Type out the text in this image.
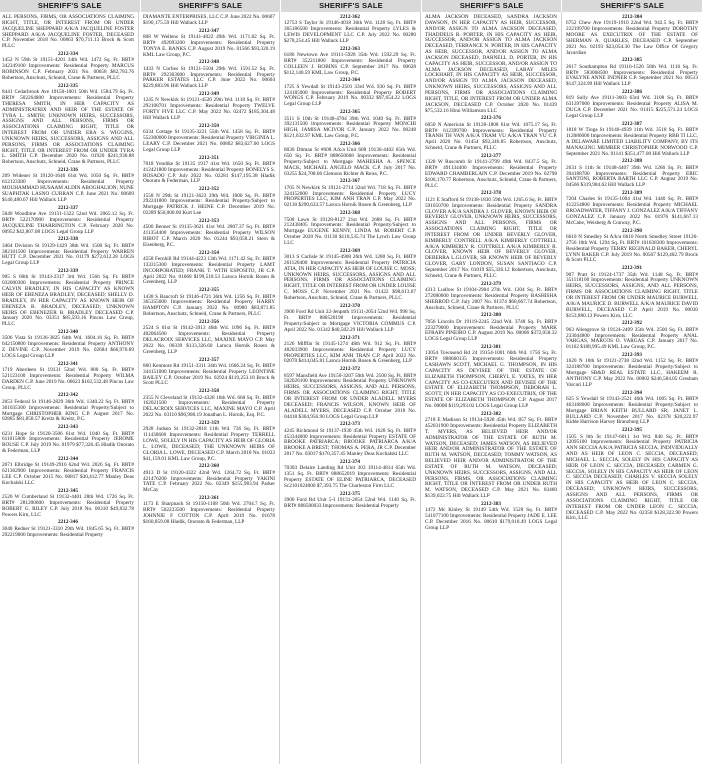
SHERIFF'S SALE	SHERIFF'S SALE	SHERIFF'S SALE	SHERIFF'S SALE	SHERIFF'S SALE
ALL PERSONS, FIRMS, OR ASSOCIATIONS CLAIMING RIGHT, TITLE, OR INTEREST FROM OR UNDER JACQUELINE SHEPPARD A/K/A JACQUELINE FOSTER SHEPPARD A/K/A JACQUELINE FOSTER, DECEASED C.P. November 2018 No. 00863 $70,711.13 Brock & Scott PLLC
2212-334
1452 N 59th St 19151-4201 34th Wd. 1472 Sq. Ft. BRT# 342349100 Improvements: Residential Property MARCUS ROBINSON C.P. February 2021 No. 00658 $82,783.76 Robertson, Anschutz, Schneid, Crane & Partners, PLLC
2212-335
8441 Cedarbrook Ave 19150-1001 50th Wd. 1584.79 Sq. Ft. BRT# 502264800 Improvements: Residential Property THERESA SMITH, IN HER CAPACITY AS ADMINISTRATRIX AND HEIR OF THE ESTATE OF TYRA L. SMITH; UNKNOWN HEIRS, SUCCESSORS, ASSIGNS AND ALL PERSONS, FIRMS OR ASSOCIATIONS CLAIMING RIGHT, TITLE OR INTEREST FROM OR UNDER ERA S. WIGGINS, UNKNOWN HEIRS, SUCCESSORS, ASSIGNS AND ALL PERSONS, FIRMS OR ASSOCIATIONS CLAIMING RIGHT, TITLE OR INTEREST FROM OR UNDER TYRA L. SMITH C.P. December 2020 No. 01920 $241,930.88 Robertson, Anschutz, Schneid, Crane & Partners, PLLC
2212-336
209 Widener St 19120-1646 61st Wd. 1050 Sq. Ft. BRT# 612123300 Improvements: Residential Property MOUHAMMAD HUSAAM ALDIN ABOGHALION; NUNE SUAPHTAK LASNO CURRAN C.P. June 2021 No. 00609 $140,480.67 Hill Wallack LLP
2212-337
5640 Woodbine Ave 19131-1322 52nd Wd. 2065.12 Sq. Ft. BRT# 522170900 Improvements: Residential Property JACQUELINE THARRINGTON C.P. February 2020 No. 00952 $42,807.08 LOGS Legal Group LLP
2212-338
3464 Division St 19129-1429 38th Wd. 1500 Sq. Ft. BRT# 382101500 Improvements: Residential Property WARREN HUTT C.P. December 2021 No. 01179 $272,612.28 LOGS Legal Group LLP
2212-339
905 S 60th St 19143-2317 3rd Wd. 1566 Sq. Ft. BRT# 032000300 Improvements: Residential Property PRINCE CALVIN BRADLEY, IN HIS CAPACITY AS KNOWN HEIR OF EBENEZA BRADLEY, DECEASED; SHELLY D. BRADLEY, IN HER CAPACITY AS KNOWN HEIR OF EBENEZA B. BRADLEY, DECEASED; UNKNOWN HEIRS OF EBENEZER B. BRADLEY DECEASED C.P. January 2020 No. 03351 $85,593.16 Pincus Law Group, PLLC
2212-340
3506 Vista St 19136-3825 64th Wd. 1604.16 Sq. Ft. BRT# 642150800 Improvements: Residential Property ANTHONY Z DEVINE C.P. November 2019 No. 02684 $66,970.89 LOGS Legal Group LLP
2212-341
1719 Aberdeen St 19131 52nd Wd. 880 Sq. Ft. BRT# 521123100 Improvements: Residential Property WILMA DARDEN C.P. June 2019 No. 06623 $102,532.48 Pincus Law Group, PLLC
2212-342
2053 Federal St 19146-2829 36th Wd. 1340.22 Sq. Ft. BRT# 361035300 Improvements: Residential Property/Subject to Mortgage CHRISTOPHER KING C.P. August 2017 No. 02885 $81,858.57 Kreitz & Kreitz, P.C.
2212-343
6231 Hope St 19120-3506 61st Wd. 1040 Sq. Ft. BRT# 611015800 Improvements: Residential Property JEROME ROUSE C.P. July 2019 No. 01979 $77,326.45 Hladik Onorato & Federman, LLP
2212-344
2671 Elbridge St 19149-2916 62nd Wd. 2026 Sq. Ft. BRT# 621302900 Improvements: Residential Property FRANCIS LEE C.P. October 2015 No. 00817 $30,412.77 Manley Deas Kochalski LLC
2212-345
2526 W Cumberland St 19132-4401 28th Wd. 1726 Sq. Ft. BRT# 281200600 Improvements: Residential Property ROBERT G. RILEY C.P. July 2018 No. 00310 $49,832.78 Powers Kirn, LLC
2212-346
3048 Redner St 19121-3310 29th Wd. 1845.65 Sq. Ft. BRT# 292219000 Improvements: Residential Property
DIAMANTE ENTERPRISES, LLC C.P. June 2022 No. 00607 $190,175.59 Hill Wallack LLP
2212-347
808 W Wellens St 19141-4022 49th Wd. 1171.82 Sq. Ft. BRT# 492093200 Improvements: Residential Property TONYA E. BANKS C.P. August 2019 No. 01566 $93,320.19 KML Law Group, P.C.
2212-348
1433 N Corlies St 19121-5504 29th Wd. 1591.52 Sq. Ft. BRT# 292303000 Improvements: Residential Property PARKER ESTATES LLC C.P. June 2022 No. 00604 $229,883.96 Hill Wallack LLP
2212-349
1245 N Newkirk St 19121-4526 29th Wd. 1118 Sq. Ft. BRT# 292108701 Improvements: Residential Property TWELVE FORTY FIVE LLC C.P. May 2022 No. 02472 $185,304.48 Hill Wallack LLP
2212-350
6334 Cottage St 19135-3221 55th Wd. 1458 Sq. Ft. BRT# 552300000 Improvements: Residential Property VIRGINIA L. LEARY C.P. December 2021 No. 00802 $83,627.00 LOGS Legal Group LLP
2212-351
7018 Yondike St 19135 1917 41st Wd. 1650 Sq. Ft. BRT# 412421800 Improvements: Residential Property BONELYS S. ROSADO C.P. July 2022 No. 02281 $147,195.38 Hladik Onorato & Federman, LLP
2212-352
1558 N 29th St 19121-3623 29th Wd. 1000 Sq. Ft. BRT# 292241800 Improvements: Residential Property/Subject to Mortgage PATRICK J. HEINE C.P. December 2019 No. 02289 $50,000.00 Kurt Lee
2212-353
4500 Benner St 19135-3621 41st Wd. 2807.37 Sq. Ft. BRT# 411354400 Improvements: Residential Property WILSON RIBOT C.P. March 2020 No. 01244 $93,058.21 Stern & Eisenberg, P.C.
2212-354
4558 Fernhill Rd 19144-4223 13th Wd. 1171.42 Sq. Ft. BRT# 133315300 Improvements: Residential Property LAMT INCORPORATED; FRANK T. WITH ESPOSITO, JR C.P. April 2022 No. 01668 $199,518.53 Laroca Hornik Rosen & Greenberg, LLP
2212-355
1438 S Bancroft St 19146-4721 36th Wd. 1256 Sq. Ft. BRT# 365355000 Improvements: Residential Property HARRY HAMPTON C.P. January 2022 No. 00980 $83,871.85 Robertson, Anschutz, Schneid, Crane & Partners, PLLC
2212-356
2524 S 61st St 19142-3913 40th Wd. 1096 Sq. Ft. BRT# 402064500 Improvements: Residential Property DELACROIX SERVICES LLC, MAXINE MAYO C.P. May 2022 No. 00339 $133,326.60 Laroca Hornik Rosen & Greenberg, LLP
2212-357
860 Kenmore Rd 19151-3311 34th Wd. 1666.24 Sq. Ft. BRT# 344151000 Improvements: Residential Property LEONTINE BAILEY C.P. October 2019 No. 02924 $119,253.18 Brock & Scott PLLC
2212-358
2355 N Cleveland St 19132-4328 16th Wd. 660 Sq. Ft. BRT# 162021500 Improvements: Residential Property DELACROIX SERVICES LLC, MAXINE MAYO C.P. April 2022 No. 03110 $96,908.19 Jonathan L. Hornik, Esq. P.C.
2212-359
2928 Judson St 19132-2818 11th Wd. 736 Sq. Ft. BRT# 111430600 Improvements: Residential Property TERRELL LOWE, SOLELY IN HIS CAPACITY AS HEIR OF GLORIA L. LOWE, DECEASED; THE UNKNOWN HEIRS OF GLORIA L. LOWE, DECEASED C.P. March 2018 No. 01033 $41,159.01 KML Law Group, P.C.
2212-360
4913 D St 19120-4322 42nd Wd. 1264.72 Sq. Ft. BRT# 421476200 Improvements: Residential Property YAKINI TATE C.P. February 2022 No. 02349 $155,983.94 Parker McCay
2212-361
1173 E Sharpnack St 19150-1108 50th Wd. 2704.7 Sq. Ft. BRT# 502233500 Improvements: Residential Property JOHNNIE F COTTON C.P. April 2019 No. 01678 $160,859.08 Hladik, Onorato & Federman, LLP
2212-362
12753 S Taylor St 19146-4018 36th Wd. 1128 Sq. Ft. BRT# 365186500 Improvements: Residential Property LYLES & LEWIS DEVELOPMENT LLC C.P. July 2022 No. 00280 $278,254.45 Hill Wallack LLP
2212-363
6186 Newtown Ave 19111-5928 35th Wd. 1592.29 Sq. Ft. BRT# 352211800 Improvements: Residential Property COLLEEN J. ROBINS C.P. September 2017 No. 00628 $112,140.59 KML Law Group, P.C.
2212-364
1725 S Yewdall St 19143-2501 33rd Wd. 930 Sq. Ft. BRT# 124185900 Improvements: Residential Property ROBERT WONGS C.P. February 2019 No. 00332 $97,654.22 LOGS Legal Group LLP
2212-365
3511 S 10th St 19148-4704 39th Wd. 1040 Sq. Ft. BRT# 392131500 Improvements: Residential Property MONCHI HIGH, JAMISA MCIVOR C.P. January 2022 No. 00248 $121,032.97 KML Law Group, P.C.
2212-366
8030 Ditman St #608 A/k/a Unit 608 19136-4402 65th Wd. 650 Sq. Ft. BRT# 888650668 Improvements: Residential Property/Subject to Mortgage MAHESHA A. SPENCE MACK, MICHAEL ANGELO MACK C.P. July 2017 No. 03255 $24,708.06 Clemons Richter & Reiss, P.C.
2212-367
1705 N Newkirk St 19121-2714 32nd Wd. 718 Sq. Ft. BRT# 324152000 Improvements: Residential Property LUCY PROPERTIES LLC, KIM ANH TRAN C.P. May 2022 No. 02130 $290,633.57 Laroca Hornik Rosen & Greenberg, LLP
2212-368
7508 Lawn St 19128-8127 21st Wd. 2688 Sq. Ft. BRT# 212438405 Improvements: Residential Property/Subject to Mortgage EUGENE KENNY, LINDA M. ROBERT C.P. October 2020 No. 01130 $110,535.74 The Lynch Law Group LLC
2212-369
3013 S Carlisle St 19145-4908 26th Wd. 1280 Sq. Ft. BRT# 261126400 Improvements: Residential Property PATRICIA ATIA, IN HER CAPACITY AS HEIR OF LOUISE C. MOSS; UNKNOWN HEIRS, SUCCESSORS, ASSIGNS AND ALL PERSONS, FIRMS OR ASSOCIATIONS CLAIMING RIGHT, TITLE OR INTEREST FROM OR UNDER LOUISE C. MOSS C.P. November 2021 No. 01422 $98,613.07 Robertson, Anschutz, Schneid, Crane & Partners, PLLC
2212-370
3900 Ford Rd Unit 22-Jenpnth 19131-2054 52nd Wd. 998 Sq. Ft. BRT# 888520198 Improvements: Residential Property/Subject to Mortgage VICTORIA COMMUS C.P. April 2022 No. 01342 $40,502.29 Hill Wallack LLP
2212-371
2126 Mifflin St 19145-1274 48th Wd. 912 Sq. Ft. BRT# 482033900 Improvements: Residential Property LUCY PROPERTIES LLC, KIM ANH TRAN C.P. April 2022 No. 02070 $414,045.81 Laroca Hornik Rosen & Greenberg, LLP
2212-372
8597 Mansfield Ave 19150-3207 50th Wd. 2500 Sq. Ft. BRT# 502026100 Improvements: Residential Property UNKNOWN HEIRS, SUCCESSORS, ASSIGNS, AND ALL PERSONS, FIRMS OR ASSOCIATIONS CLAIMING RIGHT, TITLE OR INTEREST FROM OR UNDER ALADELL MYERS DECEASED; FRANCIS WILSON, KNOWN HEIR OF ALADELL MYERS, DECEASED C.P. October 2018 No. 04418 $304,956.90 LOGS Legal Group LLP
2212-373
4245 Richmond St 19137-1930 45th Wd. 1628 Sq. Ft. BRT# 453344000 Improvements: Residential Property ESTATE OF BROOKE PATRIARCA; BROOKE PATRIARCA A/K/A BROOKE A BREST; THOMAS A. PERA, JR C.P. December 2017 No. 03017 $170,357.45 Manley Deas Kochalski LLC
2212-374
70303 Delaire Landing Rd Unit 303 19114-4814 65th Wd. 1351 Sq. Ft. BRT# 888652019 Improvements: Residential Property ESTATE OF ELINE PATRIARCA, DECEASED Sc2101024000 $7,393.75 The Charleston Firm LLC
2212-375
3900 Ford Rd Unit 5-I 19131-2054 52nd Wd. 1140 Sq. Ft. BRT# 888580033 Improvements: Residential Property
ALMA JACKSON DECEASED, SANDRA JACKSON DAWSON, IN HER CAPACITY AS HEIR, SUCCESSOR, AND/OR ASSIGN TO ALMA JACKSON DECEASED, THADDEUS R. PORTER, IN HIS CAPACITY AS HEIR, SUCCESSOR, AND/OR ASSIGN TO ALMA JACKSON DECEASED, TERRANCE N. PORTER, IN HIS CAPACITY AS HEIR, SUCCESSOR, AND/OR ASSIGN TO ALMA JACKSON DECEASED, DARNELL D. PORTER, IN HIS CAPACITY AS HEIR, SUCCESSOR, AND/OR ASSIGN TO ALMA JACKSON DECEASED, LARAY MILES LOCKHART, IN HIS CAPACITY AS HEIR, SUCCESSOR, AND/OR ASSIGN TO ALMA JACKSON DECEASED, UNKNOWN HEIRS, SUCCESSORS, ASSIGNS AND ALL PERSONS, FIRMS OR ASSOCIATIONS CLAIMING RIGHT, TITLE, OR INTEREST FROM OR UNDER ALMA JACKSON, DECEASED C.P. October 2020 No. 01439 $75,532.16 Hinn Williamson LLC
2212-376
6050 N American St 19120-1808 61st Wd. 1075.17 Sq. Ft. BRT# 612399700 Improvements: Residential Property TRANH TH VAN A/K/A TRAM VU A/K/A TRAN VU C.P. April 2020 No. 01454 $92,346.85 Robertson, Anschutz, Schneid, Crane & Partners, PLLC
2212-377
1328 W Ruscomb St 19141-2799 49th Wd. 8437.5 Sq. Ft. BRT# 491134400 Improvements: Residential Property EDWARD CHAMBERLAIN C.P. December 2019 No. 02798 $106,170.77 Robertson, Anschutz, Schneid, Crane & Partners, PLLC
2212-378
1121 E Stafford St 19138-1830 59th Wd. 1265.6 Sq. Ft. BRT# 591050700 Improvements: Residential Property SANDRA GLOVER A/K/A SANDRA J. GLOVER, KNOWN HEIR OF BEVERLY GLOVER, UNKNOWN HEIRS, SUCCESSORS, ASSIGNS AND ALL PERSONS, FIRMS OR ASSOCIATIONS CLAIMING RIGHT, TITLE OR INTEREST FROM OR UNDER BEVERLY GLOVER, KIMBERLY CONTRELL A/K/A KIMBERLY COTTRELL A/K/A KIMBERLY R. COTTRELL A/K/A KIMBERLY R. GLOVER, KNOWN HEIR OF BEVERLY GLOVER, DEBERRA L.GLOVER, SR KNOWN HEIR OF BEVERLY GLOVER, GARY LONDON, SUSAN SANTIAGO C.P. September 2017 No. 01019 $55,326.12 Robertson, Anschutz, Schneid, Crane & Partners, PLLC
2212-379
4313 Ludlow St 19104-2904 27th Wd. 1204 Sq. Ft. BRT# 272080000 Improvements: Residential Property BASHISHA SHERROD C.P. July 2007 No. 01374 $68,667.74 Robertson, Anschutz, Schneid, Crane & Partners, PLLC
2212-380
7056 Lincoln Dr 19119-2245 22nd Wd. 3748 Sq. Ft. BRT# 223279600 Improvements: Residential Property MARK EFRAIN PINEIRO C.P. August 2019 No. 00006 $372,058.32 LOGS Legal Group LLP
2212-381
13054 Townsend Rd 24 19154-1001 66th Wd. 1756 Sq. Ft. BRT# 888660135 Improvements: Residential Property LASHAWN SCOTT, MICHAEL G. THOMPSON, IN HIS CAPACITY AS DEVISEE OF THE ESTATE OF ELIZABETH THOMPSON, CHERYL E. YATES, IN HER CAPACITY AS CO-EXECUTRIX AND DEVISEE OF THE ESTATE OF ELIZABETH THOMPSON, DEBORAH L. SCOTT, IN HER CAPACITY AS CO-EXECUTRIX, OF THE ESTATE OF ELIZABETH THOMPSON C.P. August 2017 No. 00008 $119,293.02 LOGS Legal Group LLP
2212-382
2718 E Madison St 19134-5928 45th Wd. 857 Sq. Ft. BRT# 452031900 Improvements: Residential Property ELIZABETH T. MYERS, AS BELIEVED HEIR AND/OR ADMINISTRATOR OF THE ESTATE OF RUTH M. WATSON, DECEASED; JAMES WATSON, AS BELIEVED HEIR AND/OR ADMINISTRATOR OF THE ESTATE OF RUTH M. WATSON, DECEASED; TOMMY WATSON, AS BELIEVED HEIR AND/OR ADMINISTRATOR OF THE ESTATE OF RUTH M. WATSON, DECEASED; UNKNOWN HEIRS, SUCCESSORS, ASSIGNS, AND ALL PERSONS, FIRMS, OR ASSOCIATIONS CLAIMING RIGHT, TITLE OR INTEREST FROM OR UNDER RUTH M. WATSON, DECEASED C.P. May 2021 No. 03460 $139,022.75 Hill Wallack LLP
2212-383
1472 Mc Kinley St 19149 54th Wd. 1528 Sq. Ft. BRT# 541077100 Improvements: Residential Property JADE E. LEE C.P. December 2016 No. 00610 $179,010.49 LOGS Legal Group LLP
2212-384
6752 Chew Ave 19119-1910 22nd Wd. 942.5 Sq. Ft. BRT# 222199700 Improvements: Residential Property DOROTHY MOORE AS EXECUTRIX OF THE ESTATE OF SHERMAN A. QUARLES, DECEASED C.P. September 2021 No. 02193 $23,054.30 The Law Office Of Gregory Javardian
2212-385
2617 Southampton Rd 19116-1526 58th Wd. 1116 Sq. Ft. BRT# 583068500 Improvements: Residential Property EVALYNE ANNE INDNER C.P. September 2021 No. 00513 $147,324.99 Hill Wallack LLP
2212-386
819 Solly Ave 19111-3603 63rd Wd. 3108 Sq. Ft. BRT# 631397000 Improvements: Residential Property ALISA M. DUCA C.P. December 2021 No. 01415 $225,571.24 LOGS Legal Group LLP
2212-387
1818 W Tioga St 19140-4939 11th Wd. 3518 Sq. Ft. BRT# 112086000 Improvements: Residential Property RBB TI LLC, A DELAWARE LIMITED LIABILITY COMPANY, BY ITS MANAGING MEMBER CHRISTOPHER NORWOOD C.P. September 2021 No. 01141 $351,477.00 Hill Wallack LLP
2212-388
2631 S 11th St 19148-4407 39th Wd. 1266 Sq. Ft. BRT# 394188700 Improvements: Residential Property ERIC SANTONI, ROBERTA BARTH LLC C.P. August 2019 No. 04566 $319,984.62 Hill Wallack LLP
2212-389
7204 Charles St 19135-1004 41st Wd. 1440 Sq. Ft. BRT# 412254800 Improvements: Residential Property MICHAEL BROADWATER, TIFFANY J. GONZALEZ A/K/A TIFFANY GONZALEZ C.P. January 2022 No. 01976 $141,667.13 McCabe, Weisberg & Conway, P.C.
2212-390
6610 N Smedley St A/k/a 6610 North Smedley Street 19126-2756 10th Wd. 1294 Sq. Ft. BRT# 101038300 Improvements: Residential Property TERRY REGINALD BAKER, CHERYL LYNN BAKER C.P. July 2019 No. 00567 $129,402.79 Brock & Scott PLLC
2212-391
907 Pratt St 19124-1737 35th Wd. 1148 Sq. Ft. BRT# 351118100 Improvements: Residential Property UNKNOWN HEIRS, SUCCESSORS, ASSIGNS, AND ALL PERSONS, FIRMS OR ASSOCIATIONS CLAIMING RIGHT, TITLE OR INTEREST FROM OR UNDER MAURICE BURWELL A/K/A MAURICE D. BURWELL A/K/A MAURICE DAVID BURWELL, DECEASED C.P. April 2019 No. 00030 $153,880.13 Powers Kirn, LLC
2212-392
963 Allengrove St 19124-2409 35th Wd. 2500 Sq. Ft. BRT# 233044800 Improvements: Residential Property ANAL VARGAS, MARCOS O. VARGAS C.P. January 2017 No. 01162 $188,995.49 KML Law Group, P.C.
2212-393
1620 N 10th St 19121-2738 32nd Wd. 1152 Sq. Ft. BRT# 324188700 Improvements: Residential Property/Subject to Mortgage SB&D REAL ESTATE LLC, HAKEEM R. ANTHONY C.P. May 2022 No. 00002 $246,584.05 Gresham Varcari LLP
2212-394
625 S Yewdall St 19143-2521 46th Wd. 1005 Sq. Ft. BRT# 463168600 Improvements: Residential Property/Subject to Mortgage BRIAN KEITH BULLARD SR; JANET L. BULLARD C.P. November 2017 No. 02378 $20,222.97 Kidde Harrison Harvey Branzburg LLP
2212-395
1505 S 8th St 19147-6011 1st Wd. 840 Sq. Ft. BRT# 12095100 Improvements: Residential Property PATRICIA ANN SECCIA A/K/A PATRICIA SECCIA, INDIVIDUALLY AND AS HEIR OF LEON C. SECCIA, DECEASED; MICHAEL L. SECCIA, SOLELY IN HIS CAPACITY AS HEIR OF LEON C. SECCIA, DECEASED; CARMEN G. SECCIA, SOLELY IN HIS CAPACITY AS HEIR OF LEON C. SECCIA DECEASED; CHARLES V. SECCIA SOLELY IN HIS CAPACITY AS HEIR OF LEON C. SECCIA, DECEASED; UNKNOWN HEIRS, SUCCESSORS, ASSIGNS AND ALL PERSONS, FIRMS OR ASSOCIATIONS CLAIMING RIGHT, TITLE OR INTEREST FROM OR UNDER LEON C. SECCIA, DECEASED C.P. May 2022 No. 02350 $128,322.90 Powers Kirn, LLC
